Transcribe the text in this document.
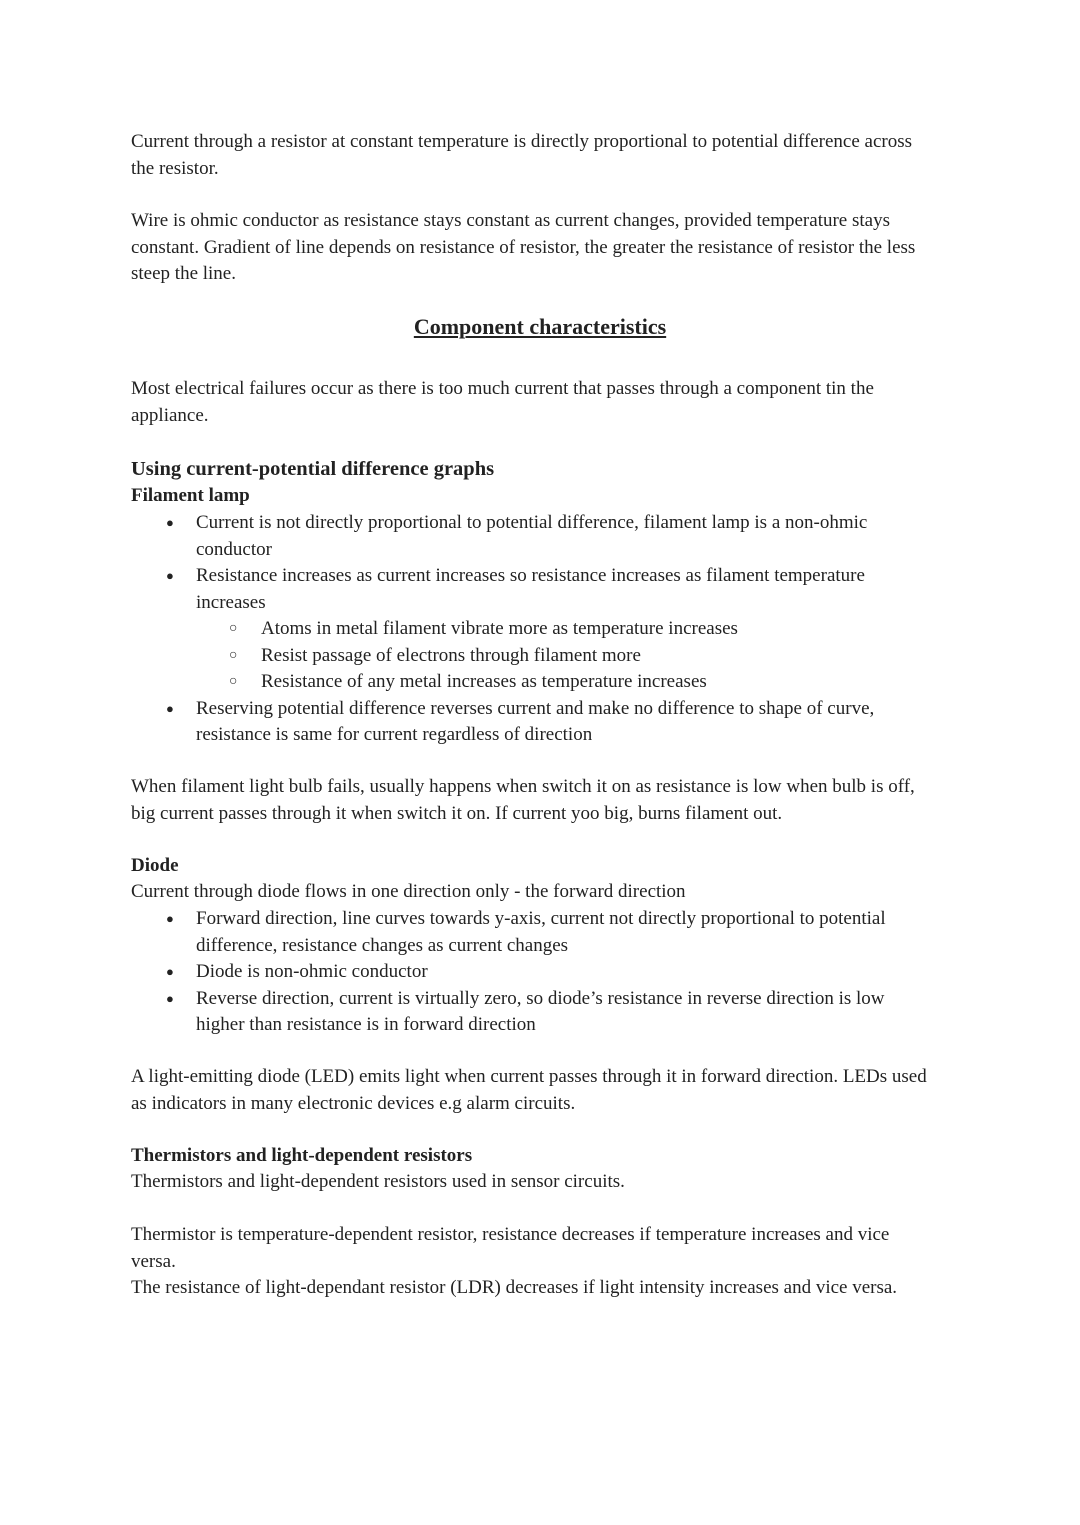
Current through a resistor at constant temperature is directly proportional to potential difference across the resistor.

Wire is ohmic conductor as resistance stays constant as current changes, provided temperature stays constant. Gradient of line depends on resistance of resistor, the greater the resistance of resistor the less steep the line.

Component characteristics

Most electrical failures occur as there is too much current that passes through a component tin the appliance.

Using current-potential difference graphs
Filament lamp
● Current is not directly proportional to potential difference, filament lamp is a non-ohmic conductor
● Resistance increases as current increases so resistance increases as filament temperature increases
○ Atoms in metal filament vibrate more as temperature increases
○ Resist passage of electrons through filament more
○ Resistance of any metal increases as temperature increases
● Reserving potential difference reverses current and make no difference to shape of curve, resistance is same for current regardless of direction

When filament light bulb fails, usually happens when switch it on as resistance is low when bulb is off, big current passes through it when switch it on. If current yoo big, burns filament out.

Diode
Current through diode flows in one direction only - the forward direction
● Forward direction, line curves towards y-axis, current not directly proportional to potential difference, resistance changes as current changes
● Diode is non-ohmic conductor
● Reverse direction, current is virtually zero, so diode’s resistance in reverse direction is low higher than resistance is in forward direction

A light-emitting diode (LED) emits light when current passes through it in forward direction. LEDs used as indicators in many electronic devices e.g alarm circuits.

Thermistors and light-dependent resistors
Thermistors and light-dependent resistors used in sensor circuits.

Thermistor is temperature-dependent resistor, resistance decreases if temperature increases and vice versa.

The resistance of light-dependant resistor (LDR) decreases if light intensity increases and vice versa.
